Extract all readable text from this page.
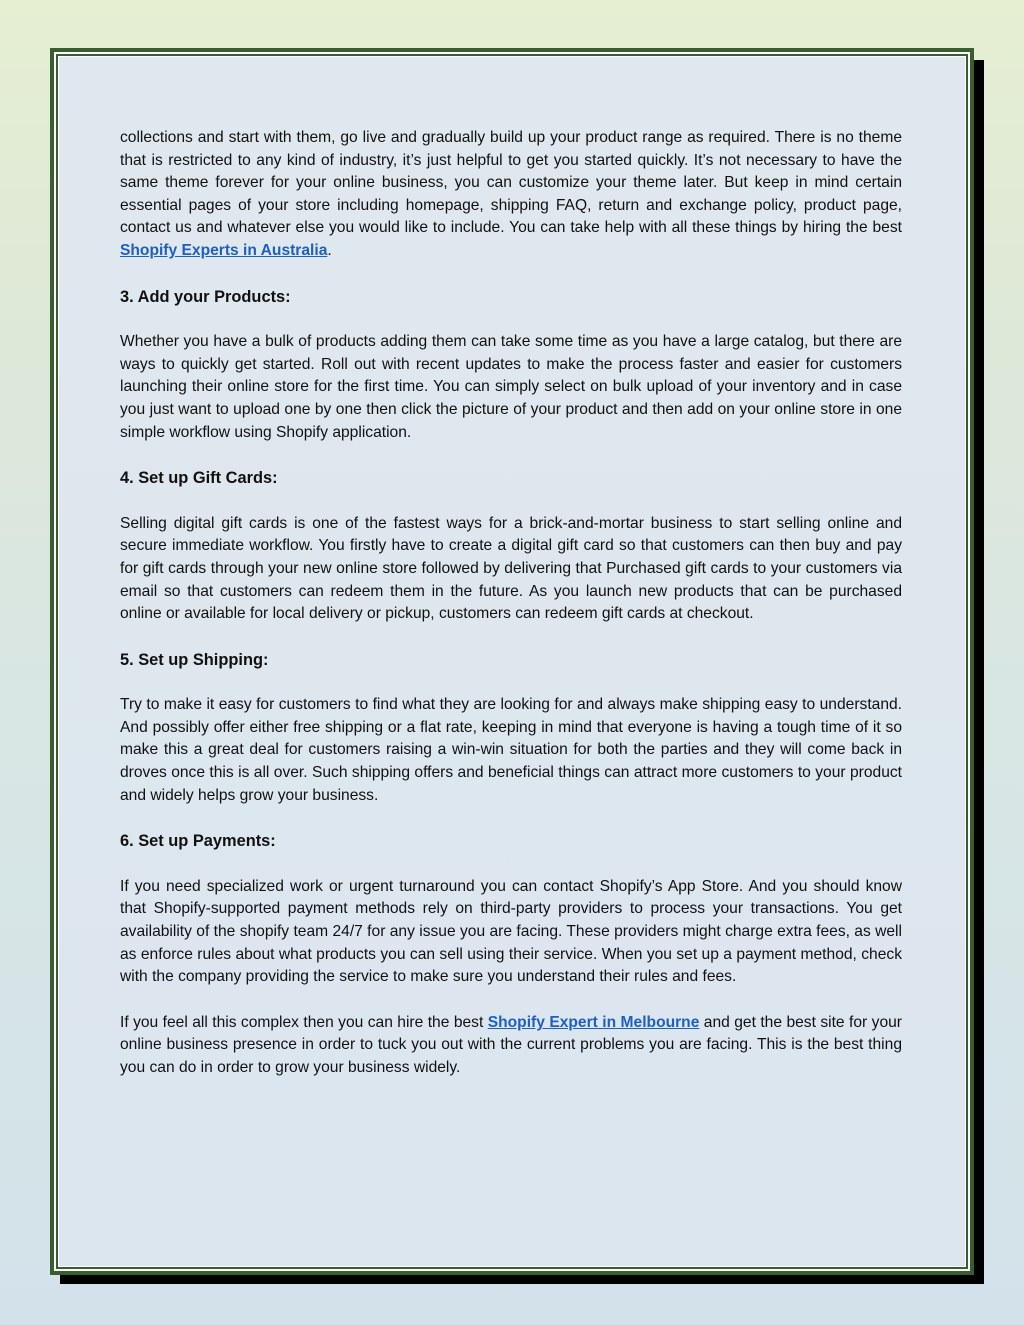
collections and start with them, go live and gradually build up your product range as required. There is no theme that is restricted to any kind of industry, it’s just helpful to get you started quickly. It’s not necessary to have the same theme forever for your online business, you can customize your theme later. But keep in mind certain essential pages of your store including homepage, shipping FAQ, return and exchange policy, product page, contact us and whatever else you would like to include. You can take help with all these things by hiring the best Shopify Experts in Australia.

3. Add your Products:

Whether you have a bulk of products adding them can take some time as you have a large catalog, but there are ways to quickly get started. Roll out with recent updates to make the process faster and easier for customers launching their online store for the first time. You can simply select on bulk upload of your inventory and in case you just want to upload one by one then click the picture of your product and then add on your online store in one simple workflow using Shopify application.

4. Set up Gift Cards:

Selling digital gift cards is one of the fastest ways for a brick-and-mortar business to start selling online and secure immediate workflow. You firstly have to create a digital gift card so that customers can then buy and pay for gift cards through your new online store followed by delivering that Purchased gift cards to your customers via email so that customers can redeem them in the future. As you launch new products that can be purchased online or available for local delivery or pickup, customers can redeem gift cards at checkout.

5. Set up Shipping:

Try to make it easy for customers to find what they are looking for and always make shipping easy to understand. And possibly offer either free shipping or a flat rate, keeping in mind that everyone is having a tough time of it so make this a great deal for customers raising a win-win situation for both the parties and they will come back in droves once this is all over. Such shipping offers and beneficial things can attract more customers to your product and widely helps grow your business.

6. Set up Payments:

If you need specialized work or urgent turnaround you can contact Shopify’s App Store. And you should know that Shopify-supported payment methods rely on third-party providers to process your transactions. You get availability of the shopify team 24/7 for any issue you are facing. These providers might charge extra fees, as well as enforce rules about what products you can sell using their service. When you set up a payment method, check with the company providing the service to make sure you understand their rules and fees.

If you feel all this complex then you can hire the best Shopify Expert in Melbourne and get the best site for your online business presence in order to tuck you out with the current problems you are facing. This is the best thing you can do in order to grow your business widely.
